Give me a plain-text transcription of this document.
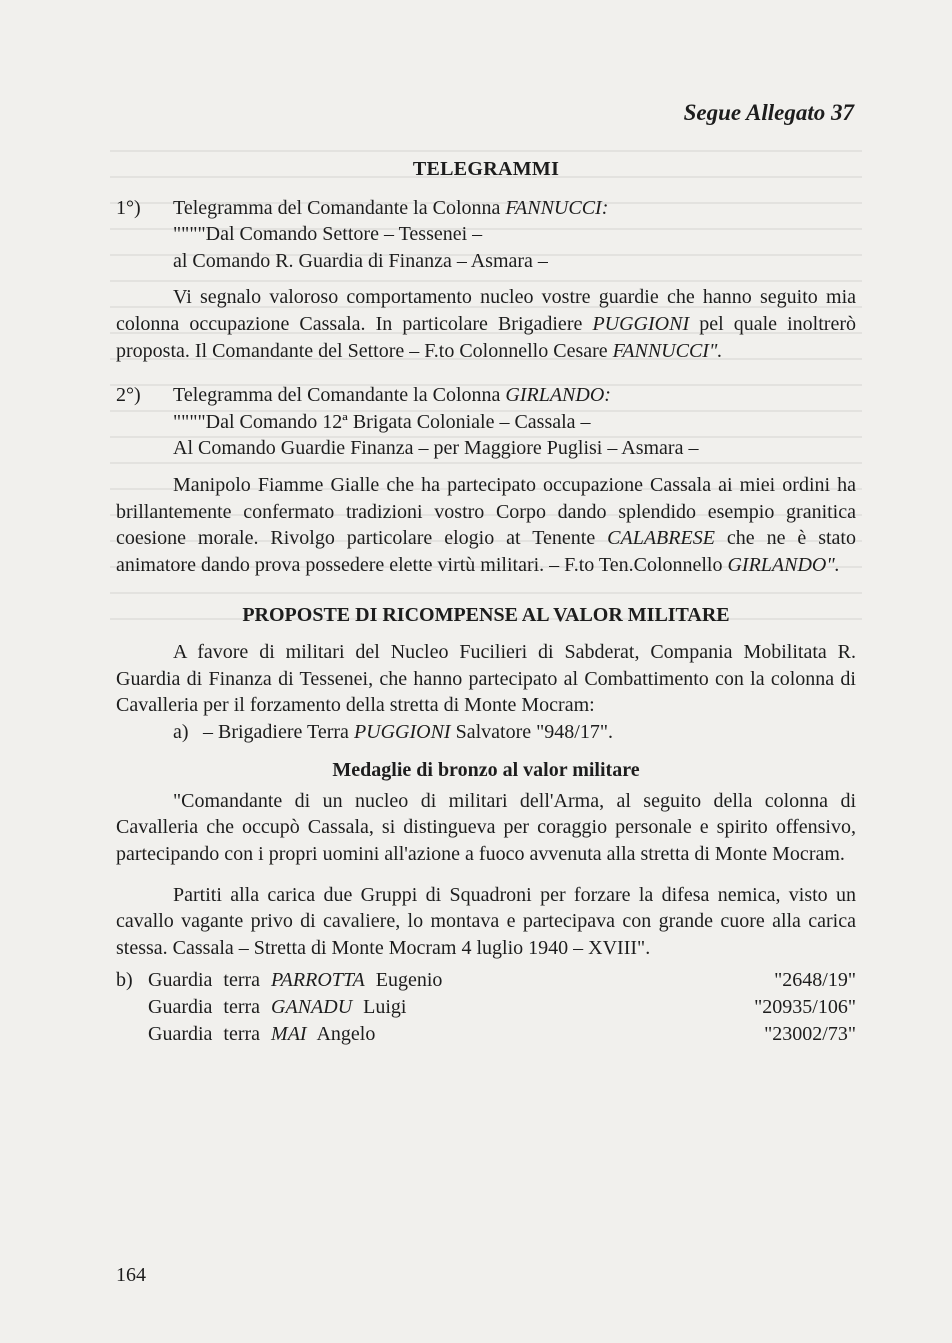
Segue Allegato 37
TELEGRAMMI
1°)	Telegramma del Comandante la Colonna FANNUCCI:
""""Dal Comando Settore – Tessenei –
al Comando R. Guardia di Finanza – Asmara –

Vi segnalo valoroso comportamento nucleo vostre guardie che hanno seguito mia colonna occupazione Cassala. In particolare Brigadiere PUGGIONI pel quale inoltrerò proposta. Il Comandante del Settore – F.to Colonnello Cesare FANNUCCI".

2°)	Telegramma del Comandante la Colonna GIRLANDO:
""""Dal Comando 12ª Brigata Coloniale – Cassala –
Al Comando Guardie Finanza – per Maggiore Puglisi – Asmara –

Manipolo Fiamme Gialle che ha partecipato occupazione Cassala ai miei ordini ha brillantemente confermato tradizioni vostro Corpo dando splendido esempio granitica coesione morale. Rivolgo particolare elogio at Tenente CALABRESE che ne è stato animatore dando prova possedere elette virtù militari. – F.to Ten.Colonnello GIRLANDO".

PROPOSTE DI RICOMPENSE AL VALOR MILITARE

A favore di militari del Nucleo Fucilieri di Sabderat, Compania Mobilitata R. Guardia di Finanza di Tessenei, che hanno partecipato al Combattimento con la colonna di Cavalleria per il forzamento della stretta di Monte Mocram:

a) – Brigadiere Terra PUGGIONI Salvatore "948/17".
Medaglie di bronzo al valor militare

"Comandante di un nucleo di militari dell'Arma, al seguito della colonna di Cavalleria che occupò Cassala, si distingueva per coraggio personale e spirito offensivo, partecipando con i propri uomini all'azione a fuoco avvenuta alla stretta di Monte Mocram.

Partiti alla carica due Gruppi di Squadroni per forzare la difesa nemica, visto un cavallo vagante privo di cavaliere, lo montava e partecipava con grande cuore alla carica stessa. Cassala – Stretta di Monte Mocram 4 luglio 1940 – XVIII".

b) Guardia terra PARROTTA Eugenio	"2648/19"
Guardia terra GANADU Luigi	"20935/106"
Guardia terra MAI Angelo	"23002/73"
164
